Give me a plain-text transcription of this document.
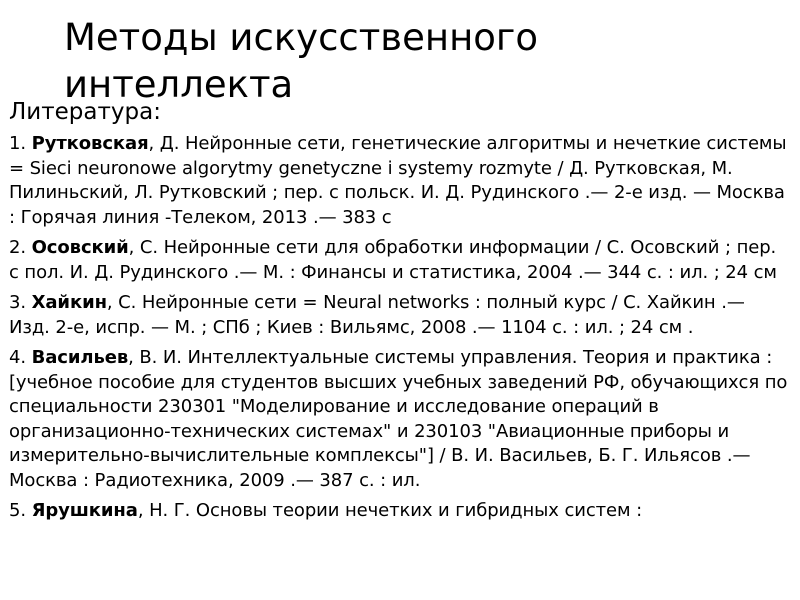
Методы искусственного интеллекта
Литература:
1. Рутковская, Д. Нейронные сети, генетические алгоритмы и нечеткие системы = Sieci neuronowe algorytmy genetyczne i systemy rozmyte / Д. Рутковская, М. Пилиньский, Л. Рутковский ; пер. с польск. И. Д. Рудинского .— 2-е изд. — Москва : Горячая линия -Телеком, 2013 .— 383 с
2. Осовский, С. Нейронные сети для обработки информации / С. Осовский ; пер. с пол. И. Д. Рудинского .— М. : Финансы и статистика, 2004 .— 344 с. : ил. ; 24 см
3. Хайкин, С. Нейронные сети = Neural networks : полный курс / С. Хайкин .— Изд. 2-е, испр. — М. ; СПб ; Киев : Вильямс, 2008 .— 1104 с. : ил. ; 24 см .
4. Васильев, В. И. Интеллектуальные системы управления. Теория и практика : [учебное пособие для студентов высших учебных заведений РФ, обучающихся по специальности 230301 "Моделирование и исследование операций в организационно-технических системах" и 230103 "Авиационные приборы и измерительно-вычислительные комплексы"] / В. И. Васильев, Б. Г. Ильясов .— Москва : Радиотехника, 2009 .— 387 с. : ил.
5. Ярушкина, Н. Г. Основы теории нечетких и гибридных систем :
